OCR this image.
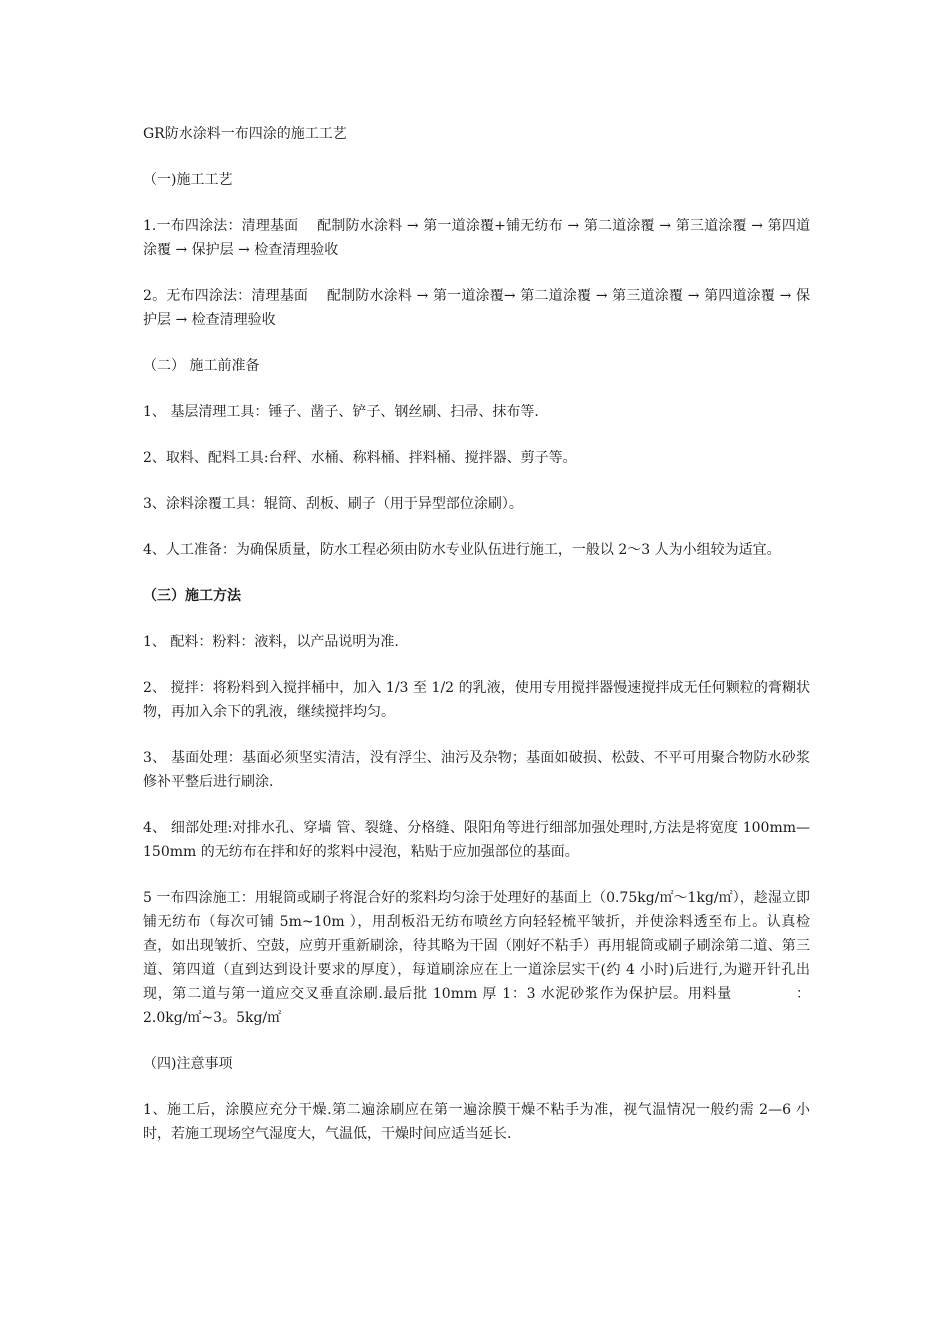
GR防水涂料一布四涂的施工工艺

（一)施工工艺

1.一布四涂法：清理基面　 配制防水涂料 → 第一道涂覆+铺无纺布 → 第二道涂覆 → 第三道涂覆 → 第四道涂覆 → 保护层 → 检查清理验收

2。无布四涂法：清理基面　 配制防水涂料 → 第一道涂覆→ 第二道涂覆 → 第三道涂覆 → 第四道涂覆 → 保护层 → 检查清理验收

（二） 施工前准备

1、 基层清理工具：锤子、凿子、铲子、钢丝刷、扫帚、抹布等.

2、取料、配料工具:台秤、水桶、称料桶、拌料桶、搅拌器、剪子等。

3、涂料涂覆工具：辊筒、刮板、刷子（用于异型部位涂刷）。

4、人工准备：为确保质量，防水工程必须由防水专业队伍进行施工，一般以 2～3 人为小组较为适宜。

（三）施工方法

1、 配料：粉料：液料，以产品说明为准.

2、 搅拌：将粉料到入搅拌桶中，加入 1/3 至 1/2 的乳液，使用专用搅拌器慢速搅拌成无任何颗粒的膏糊状物，再加入余下的乳液，继续搅拌均匀。

3、 基面处理：基面必须坚实清洁，没有浮尘、油污及杂物；基面如破损、松鼓、不平可用聚合物防水砂浆修补平整后进行刷涂.

4、 细部处理:对排水孔、穿墙 管、裂缝、分格缝、限阳角等进行细部加强处理时,方法是将宽度 100mm—150mm 的无纺布在拌和好的浆料中浸泡，粘贴于应加强部位的基面。

5 一布四涂施工：用辊筒或刷子将混合好的浆料均匀涂于处理好的基面上（0.75kg/㎡～1kg/㎡），趁湿立即铺无纺布（每次可铺 5m~10m ），用刮板沿无纺布喷丝方向轻轻梳平皱折，并使涂料透至布上。认真检查，如出现皱折、空鼓，应剪开重新刷涂，待其略为干固（刚好不粘手）再用辊筒或刷子刷涂第二道、第三道、第四道（直到达到设计要求的厚度），每道刷涂应在上一道涂层实干(约 4 小时)后进行,为避开针孔出现，第二道与第一道应交叉垂直涂刷.最后批 10mm 厚 1：3 水泥砂浆作为保护层。用料量　　　　 ：2.0kg/㎡~3。5kg/㎡

（四)注意事项

1、施工后，涂膜应充分干燥.第二遍涂刷应在第一遍涂膜干燥不粘手为准，视气温情况一般约需 2—6 小时，若施工现场空气湿度大，气温低，干燥时间应适当延长.
